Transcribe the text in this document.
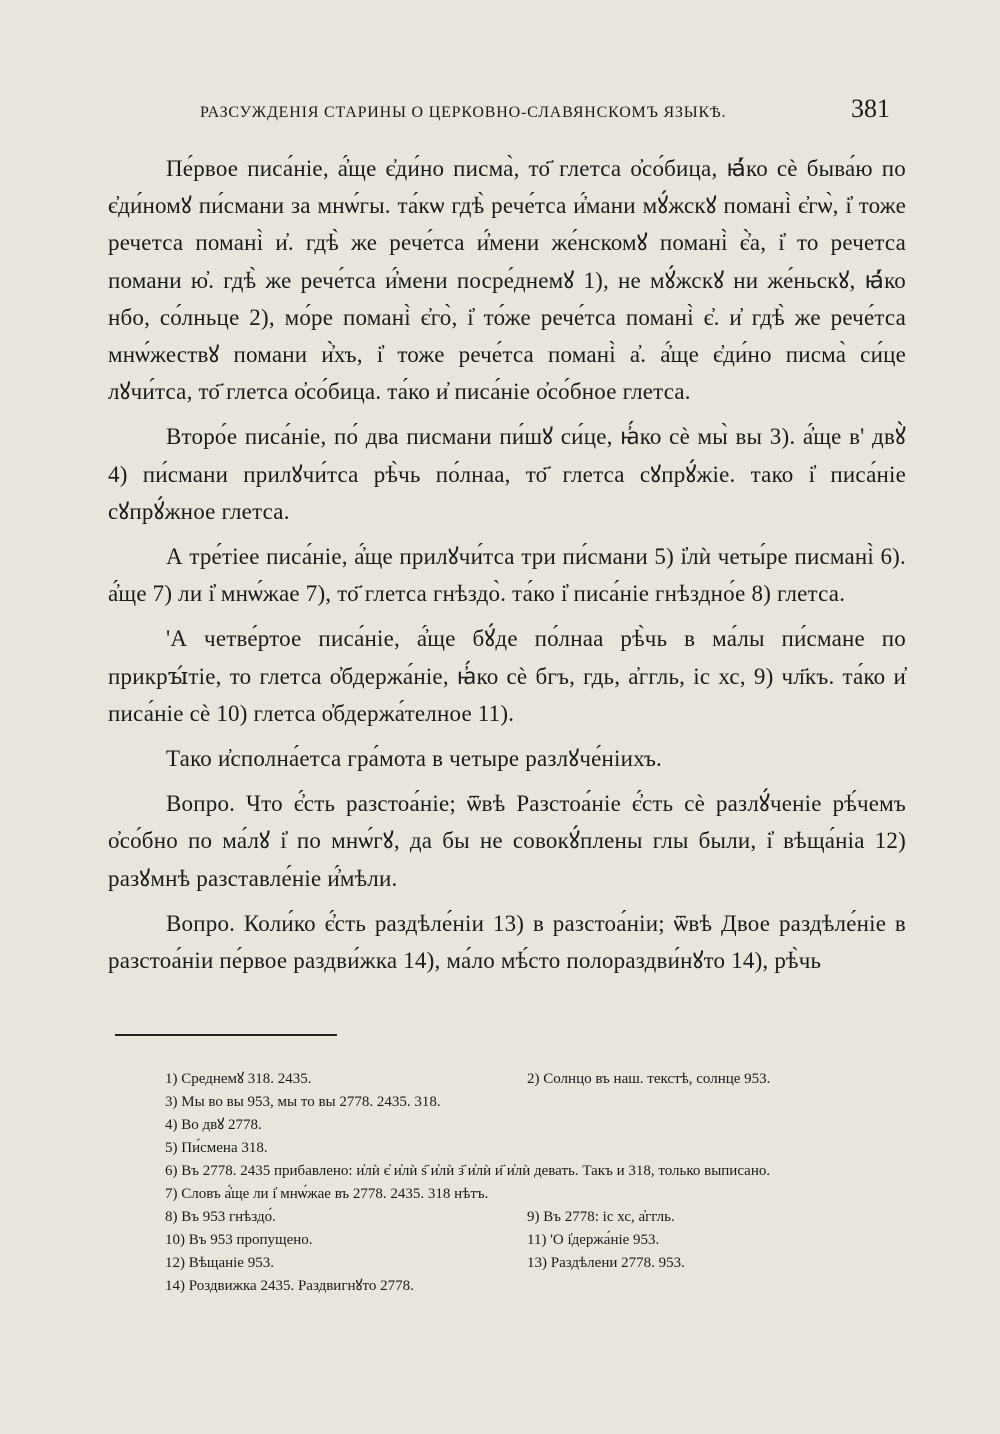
РАЗСУЖДЕНІЯ СТАРИНЫ О ЦЕРКОВНО-СЛАВЯНСКОМЪ ЯЗЫКѢ.	381

Пе́рвое писа́ніе, а҆́ще є҆ди́но писма̀, то҃ глетса о҆со́бица, ꙗ҆́ко сѐ быва́ю по є҆ди́номꙋ пи́смани за мнѡ́гы. та́кѡ гдѣ̀ рече́тса и҆́мани мꙋ́жскꙋ помані̀ є҆гѡ̀, і҆ тоже речетса помані̀ и҆. гдѣ̀ же рече́тса и҆́мени же́нскомꙋ помані̀ є҆̀а, і҆ то речетса помани ю҆. гдѣ̀ же рече́тса и҆́мени посре́днемꙋ 1), не мꙋ́жскꙋ ни же́ньскꙋ, ꙗ҆́ко нбо, со́лньце 2), мо́ре помані̀ є҆го̀, і҆ то́же рече́тса помані̀ є҆. и҆ гдѣ̀ же рече́тса мнѡ́жествꙋ помани и҆̀хъ, і҆ тоже рече́тса помані̀ а҆. а҆́ще є҆ди́но писма̀ си́це лꙋчи́тса, то҃ глетса о҆со́бица. та́ко и҆ писа́ніе о҆со́бное глетса.

Второ́е писа́ніе, по́ два писмани пи́шꙋ си́це, ꙗ҆́ко сѐ мы̀ вы 3). а҆́ще в' двꙋ̀ 4) пи́смани прилꙋчи́тса рѣ̀чь по́лнаа, то҃ глетса сꙋпрꙋ́жіе. тако і҆ писа́ніе сꙋпрꙋ́жное глетса.

А тре́тіее писа́ніе, а҆́ще прилꙋчи́тса три пи́смани 5) і҆лѝ четы́ре писмані̀ 6). а҆́ще 7) ли і҆ мнѡ́жае 7), то҃ глетса гнѣздо̀. та́ко і҆ писа́ніе гнѣздно́е 8) глетса.

'А четве́ртое писа́ніе, а҆́ще бꙋ́де по́лнаа рѣ̀чь в ма́лы пи́смане по прикрꙑ́тіе, то глетса о҆бдержа́ніе, ꙗ҆́ко сѐ бгъ, гдь, а҆ггль, іс хс, 9) чл҃къ. та́ко и҆ писа́ніе сѐ 10) глетса о҆бдержа́телное 11).

Тако и҆сполна́етса гра́мота в четыре разлꙋче́ніихъ.

Вопро. Что є҆́сть разстоа́ніе; ѿвѣ Разстоа́ніе є҆́сть сѐ разлꙋ́ченіе рѣ́чемъ о҆со́бно по ма́лꙋ і҆ по мнѡ́гꙋ, да бы не совокꙋ́плены глы были, і҆ вѣща́ніа 12) разꙋмнѣ разставле́ніе и҆́мѣли.

Вопро. Коли́ко є҆́сть раздѣле́ніи 13) в разстоа́ніи; ѿвѣ Двое раздѣле́ніе в разстоа́ніи пе́рвое раздви́жка 14), ма́ло мѣ́сто полораздви́нꙋто 14), рѣ̀чь

1) Среднемꙋ 318. 2435.	2) Солнцо въ наш. текстѣ, солнце 953.
3) Мы во вы 953, мы то вы 2778. 2435. 318.
4) Во двꙋ 2778.
5) Пи́смена 318.
6) Въ 2778. 2435 прибавлено: и҆лѝ є҆ и҆лѝ ѕ҃ и҆лѝ з҃ и҆лѝ и҃ и҆лѝ девать. Такъ и 318, только выписано.
7) Словъ а҆́ще ли і҆ мнѡ́жае въ 2778. 2435. 318 нѣтъ.
8) Въ 953 гнѣздо́.	9) Въ 2778: іс хс, а҆ггль.
10) Въ 953 пропущено.	11) 'О і҆держа́ніе 953.
12) Вѣщаніе 953.	13) Раздѣлени 2778. 953.
14) Роздвижка 2435. Раздвигнꙋто 2778.
